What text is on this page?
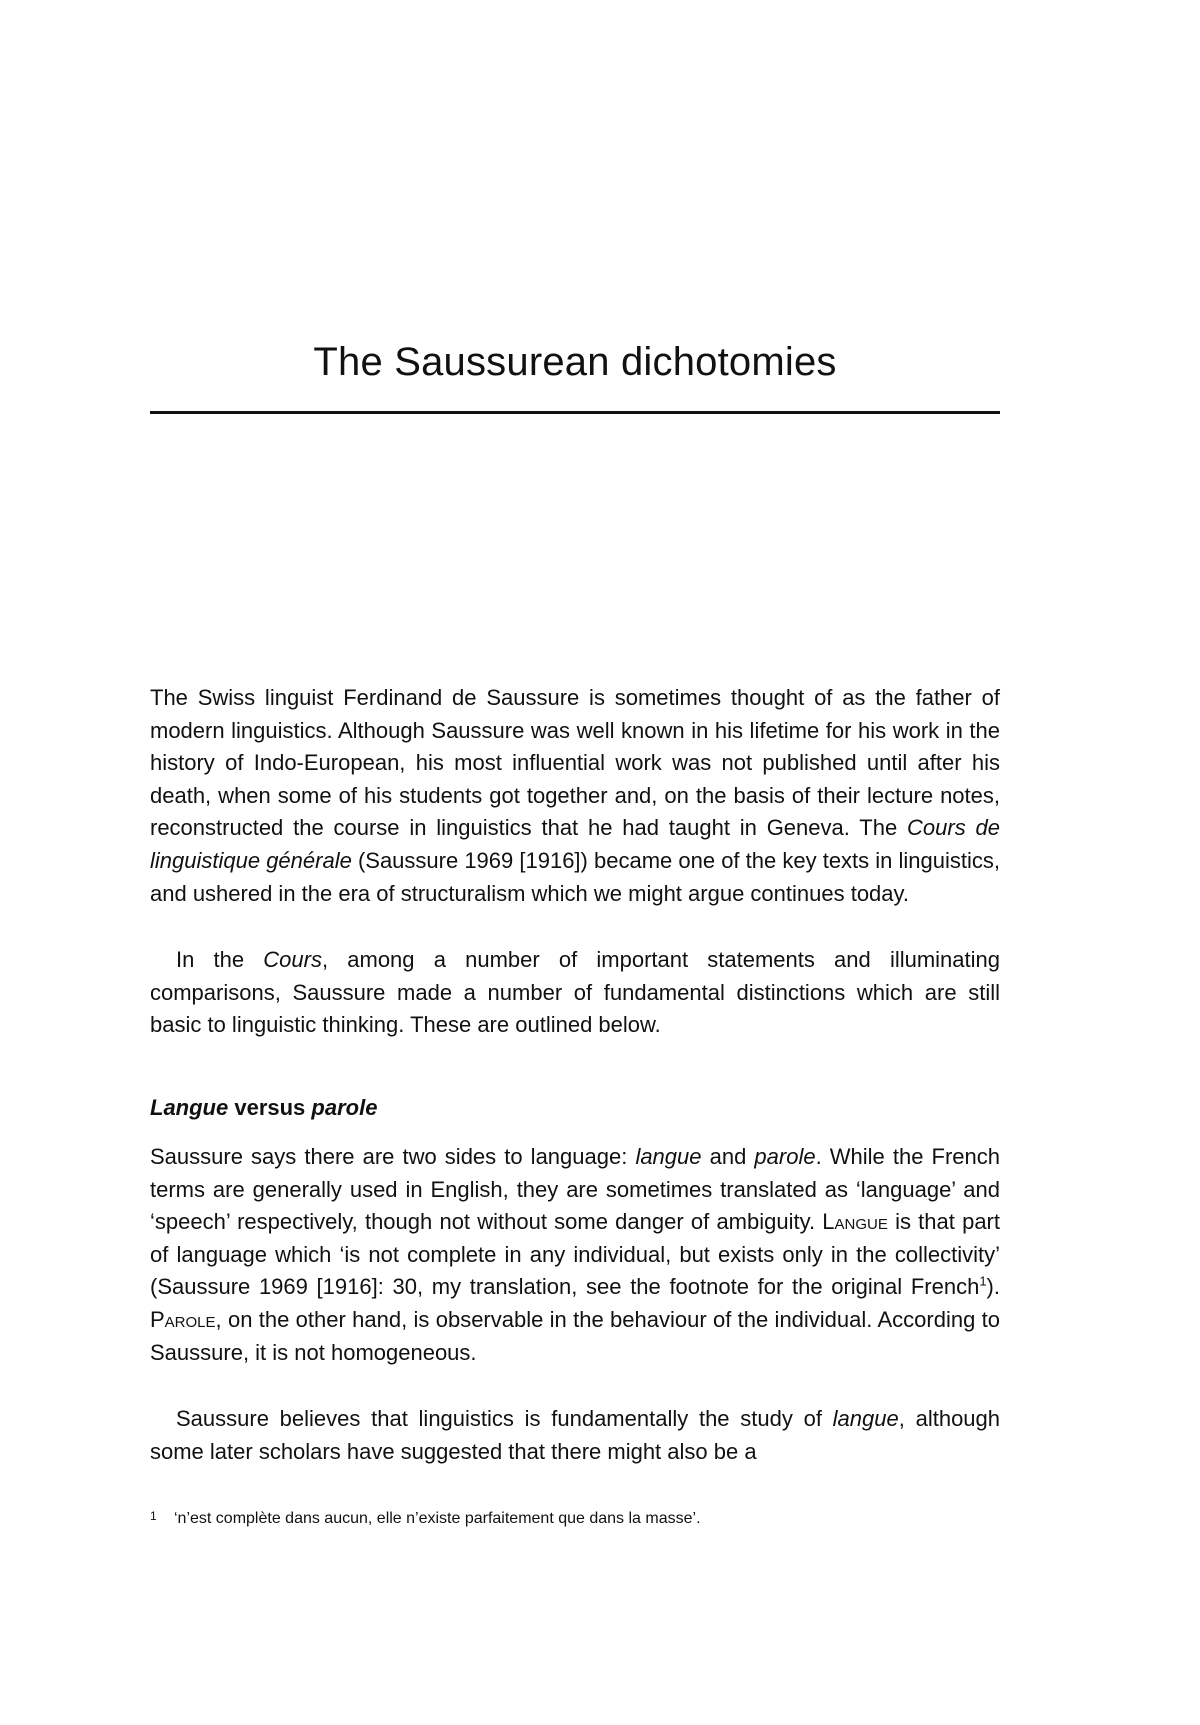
The Saussurean dichotomies

The Swiss linguist Ferdinand de Saussure is sometimes thought of as the father of modern linguistics. Although Saussure was well known in his lifetime for his work in the history of Indo-European, his most influential work was not published until after his death, when some of his students got together and, on the basis of their lecture notes, reconstructed the course in linguistics that he had taught in Geneva. The Cours de linguistique générale (Saussure 1969 [1916]) became one of the key texts in linguistics, and ushered in the era of structuralism which we might argue continues today.

In the Cours, among a number of important statements and illuminating comparisons, Saussure made a number of fundamental distinctions which are still basic to linguistic thinking. These are outlined below.

Langue versus parole

Saussure says there are two sides to language: langue and parole. While the French terms are generally used in English, they are sometimes translated as ‘language’ and ‘speech’ respectively, though not without some danger of ambiguity. Langue is that part of language which ‘is not complete in any individual, but exists only in the collectivity’ (Saussure 1969 [1916]: 30, my translation, see the footnote for the original French$^1$). Parole, on the other hand, is observable in the behaviour of the individual. According to Saussure, it is not homogeneous.

Saussure believes that linguistics is fundamentally the study of langue, although some later scholars have suggested that there might also be a

1 ‘n’est complète dans aucun, elle n’existe parfaitement que dans la masse’.
